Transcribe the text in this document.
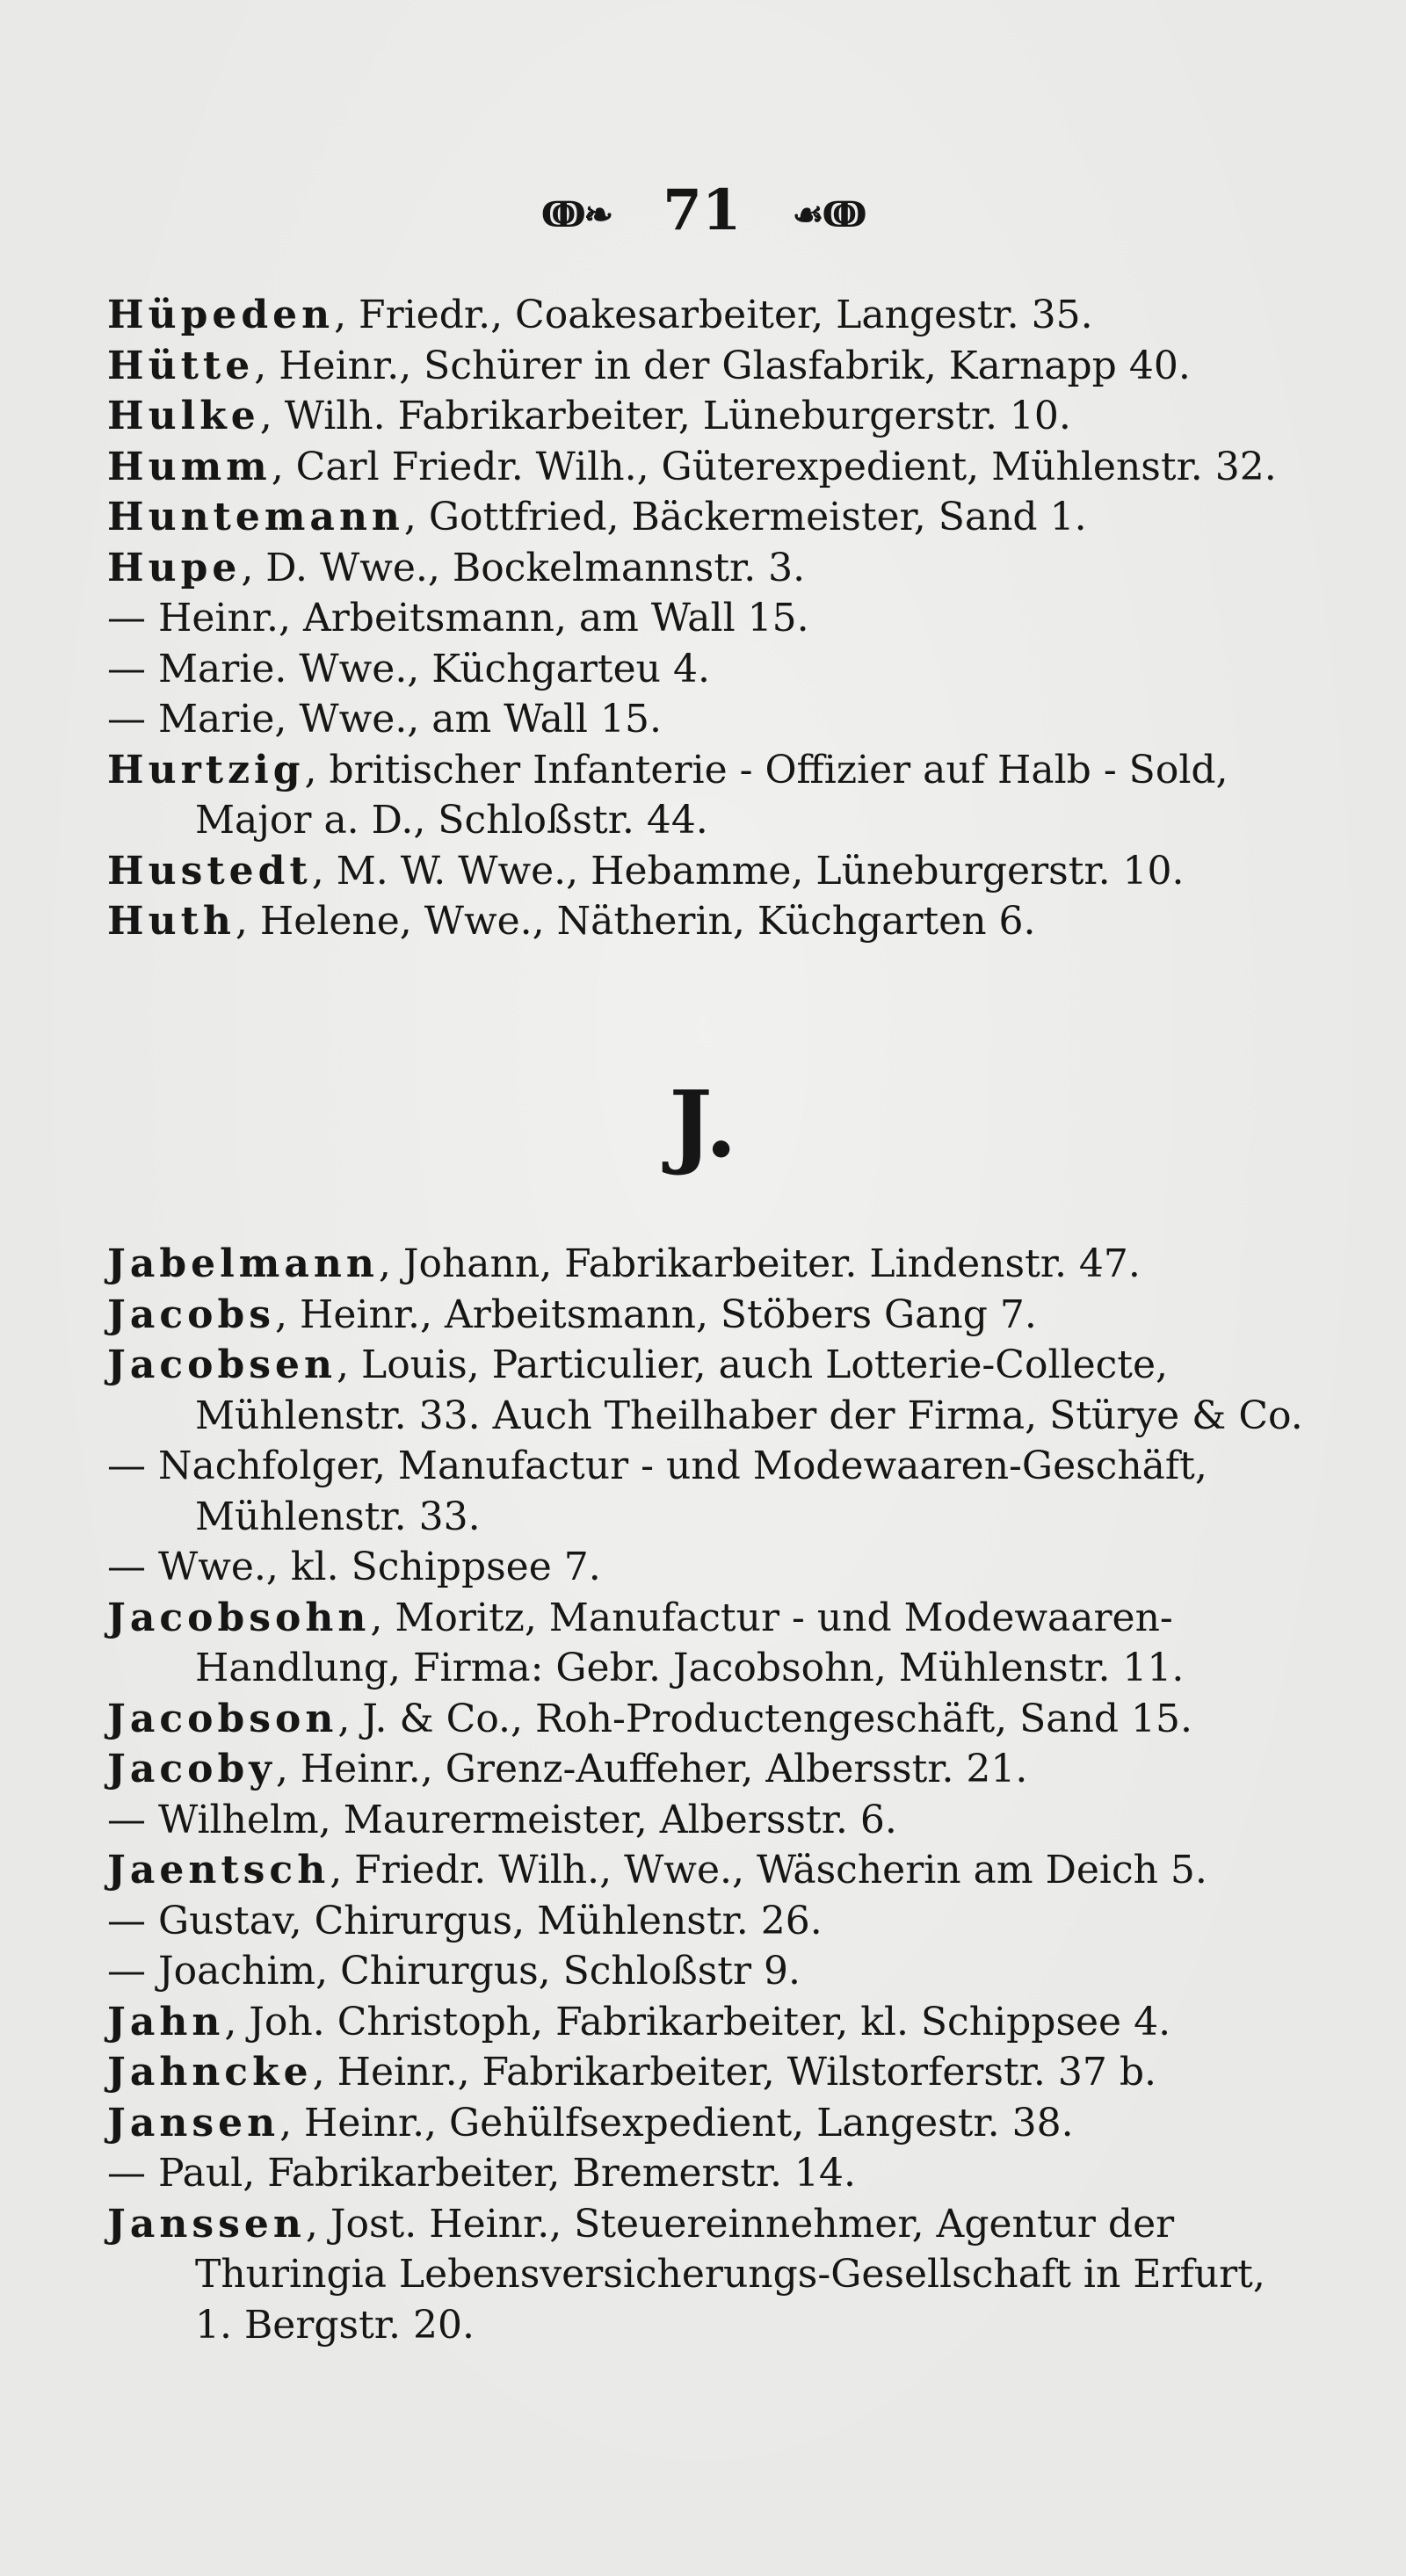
ↂ❧ 71 ☙ↂ

Hüpeden, Friedr., Coakesarbeiter, Langestr. 35.

Hütte, Heinr., Schürer in der Glasfabrik, Karnapp 40.

Hulke, Wilh. Fabrikarbeiter, Lüneburgerstr. 10.

Humm, Carl Friedr. Wilh., Güterexpedient, Mühlenstr. 32.

Huntemann, Gottfried, Bäckermeister, Sand 1.

Hupe, D. Wwe., Bockelmannstr. 3.

— Heinr., Arbeitsmann, am Wall 15.

— Marie. Wwe., Küchgarteu 4.

— Marie, Wwe., am Wall 15.

Hurtzig, britischer Infanterie - Offizier auf Halb - Sold,
Major a. D., Schloßstr. 44.

Hustedt, M. W. Wwe., Hebamme, Lüneburgerstr. 10.

Huth, Helene, Wwe., Nätherin, Küchgarten 6.

J.

Jabelmann, Johann, Fabrikarbeiter. Lindenstr. 47.

Jacobs, Heinr., Arbeitsmann, Stöbers Gang 7.

Jacobsen, Louis, Particulier, auch Lotterie-Collecte,
Mühlenstr. 33. Auch Theilhaber der Firma, Stürye & Co.

— Nachfolger, Manufactur - und Modewaaren-Geschäft,
Mühlenstr. 33.

— Wwe., kl. Schippsee 7.

Jacobsohn, Moritz, Manufactur - und Modewaaren-
Handlung, Firma: Gebr. Jacobsohn, Mühlenstr. 11.

Jacobson, J. & Co., Roh-Productengeschäft, Sand 15.

Jacoby, Heinr., Grenz-Auffeher, Albersstr. 21.

— Wilhelm, Maurermeister, Albersstr. 6.

Jaentsch, Friedr. Wilh., Wwe., Wäscherin am Deich 5.

— Gustav, Chirurgus, Mühlenstr. 26.

— Joachim, Chirurgus, Schloßstr 9.

Jahn, Joh. Christoph, Fabrikarbeiter, kl. Schippsee 4.

Jahncke, Heinr., Fabrikarbeiter, Wilstorferstr. 37 b.

Jansen, Heinr., Gehülfsexpedient, Langestr. 38.

— Paul, Fabrikarbeiter, Bremerstr. 14.

Janssen, Jost. Heinr., Steuereinnehmer, Agentur der
Thuringia Lebensversicherungs-Gesellschaft in Erfurt,
1. Bergstr. 20.
